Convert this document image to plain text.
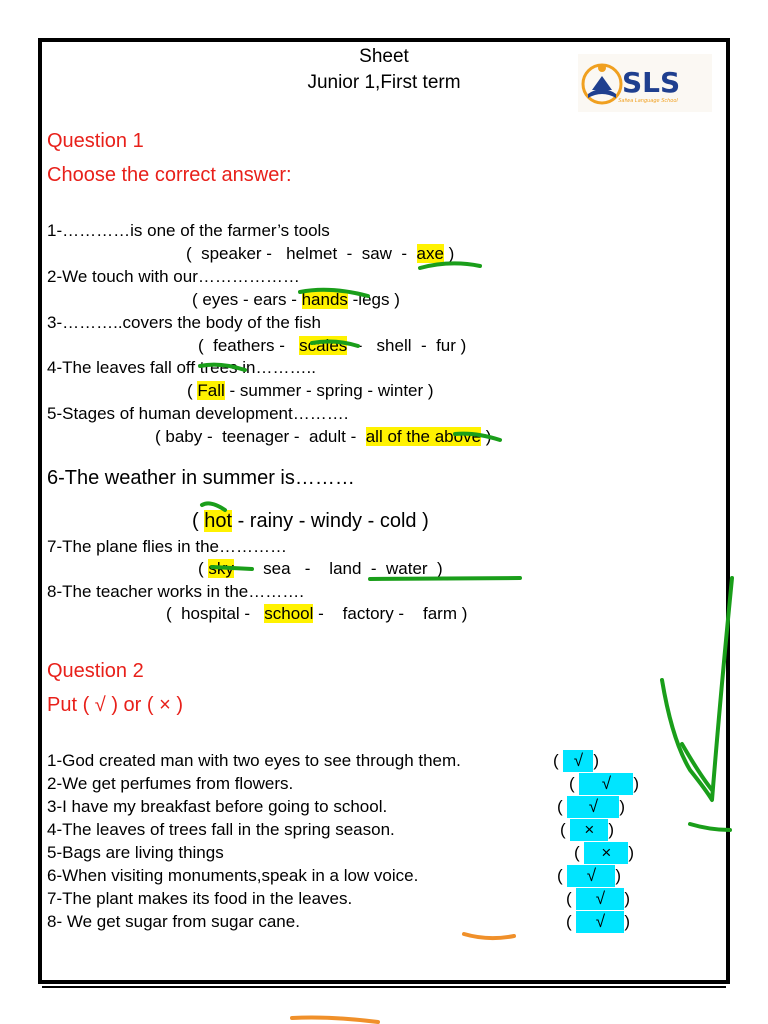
Sheet
Junior 1,First term	SLS
Safwa Language School
Question 1
Choose the correct answer:
1-…………is one of the farmer’s tools
(  speaker -   helmet  -  saw  -  axe )
2-We touch with our………………
( eyes - ears - hands -legs )
3-………..covers the body of the fish
(  feathers -   scales  -   shell  -  fur )
4-The leaves fall off trees in………..
( Fall - summer - spring - winter )
5-Stages of human development……….
( baby -  teenager -  adult -  all of the above )
6-The weather in summer is………
( hot - rainy - windy - cold )
7-The plane flies in the…………
( sky -    sea   -    land  -  water  )
8-The teacher works in the……….
(  hospital -   school -    factory -    farm )
Question 2
Put ( √ ) or ( × )
1-God created man with two eyes to see through them.	( √ )
2-We get perfumes from flowers.	( √ )
3-I have my breakfast before going to school.	( √ )
4-The leaves of trees fall in the spring season.	( × )
5-Bags are living things	( × )
6-When visiting monuments,speak in a low voice.	( √ )
7-The plant makes its food in the leaves.	( √ )
8- We get sugar from sugar cane.	( √ )
